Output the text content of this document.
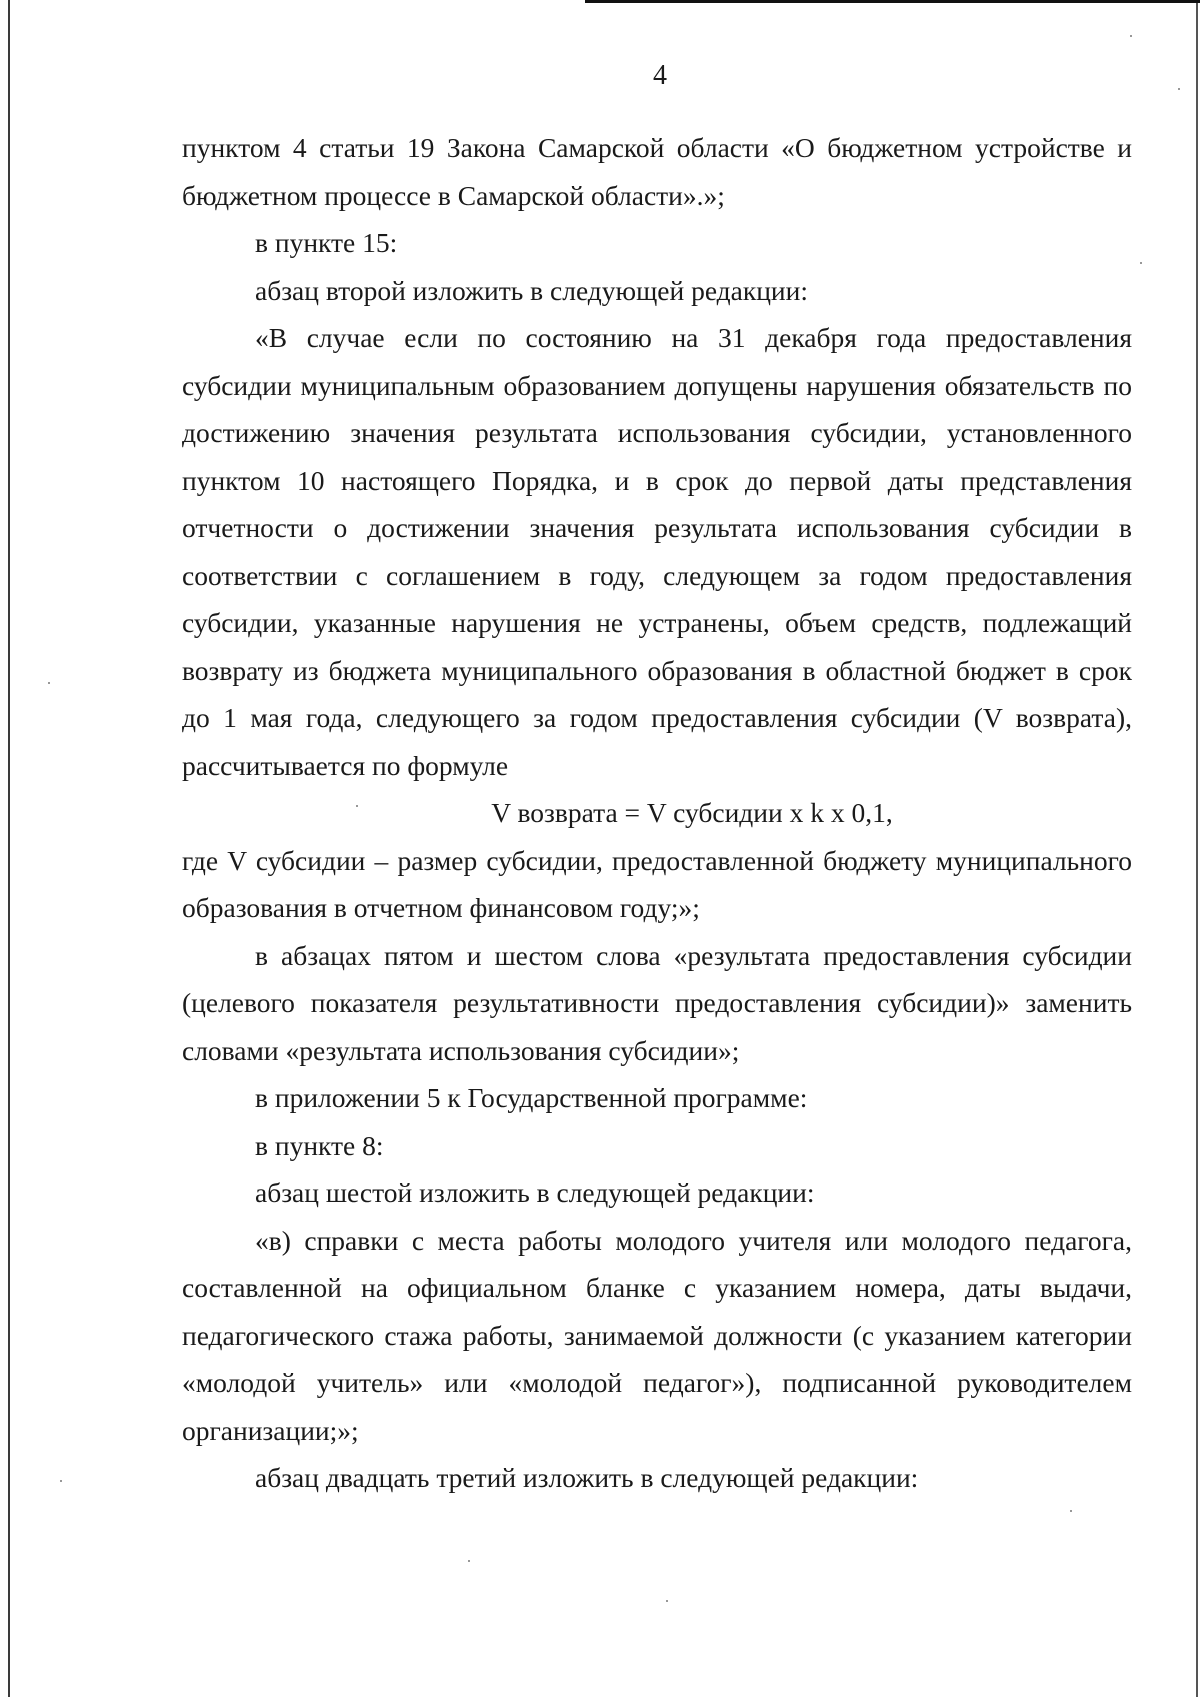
4

пунктом 4 статьи 19 Закона Самарской области «О бюджетном устройстве и бюджетном процессе в Самарской области».»;

в пункте 15:

абзац второй изложить в следующей редакции:

«В случае если по состоянию на 31 декабря года предоставления субсидии муниципальным образованием допущены нарушения обязательств по достижению значения результата использования субсидии, установленного пунктом 10 настоящего Порядка, и в срок до первой даты представления отчетности о достижении значения результата использования субсидии в соответствии с соглашением в году, следующем за годом предоставления субсидии, указанные нарушения не устранены, объем средств, подлежащий возврату из бюджета муниципального образования в областной бюджет в срок до 1 мая года, следующего за годом предоставления субсидии (V возврата), рассчитывается по формуле

V возврата = V субсидии x k x 0,1,

где V субсидии – размер субсидии, предоставленной бюджету муниципального образования в отчетном финансовом году;»;

в абзацах пятом и шестом слова «результата предоставления субсидии (целевого показателя результативности предоставления субсидии)» заменить словами «результата использования субсидии»;

в приложении 5 к Государственной программе:

в пункте 8:

абзац шестой изложить в следующей редакции:

«в) справки с места работы молодого учителя или молодого педагога, составленной на официальном бланке с указанием номера, даты выдачи, педагогического стажа работы, занимаемой должности (с указанием категории «молодой учитель» или «молодой педагог»), подписанной руководителем организации;»;

абзац двадцать третий изложить в следующей редакции:
